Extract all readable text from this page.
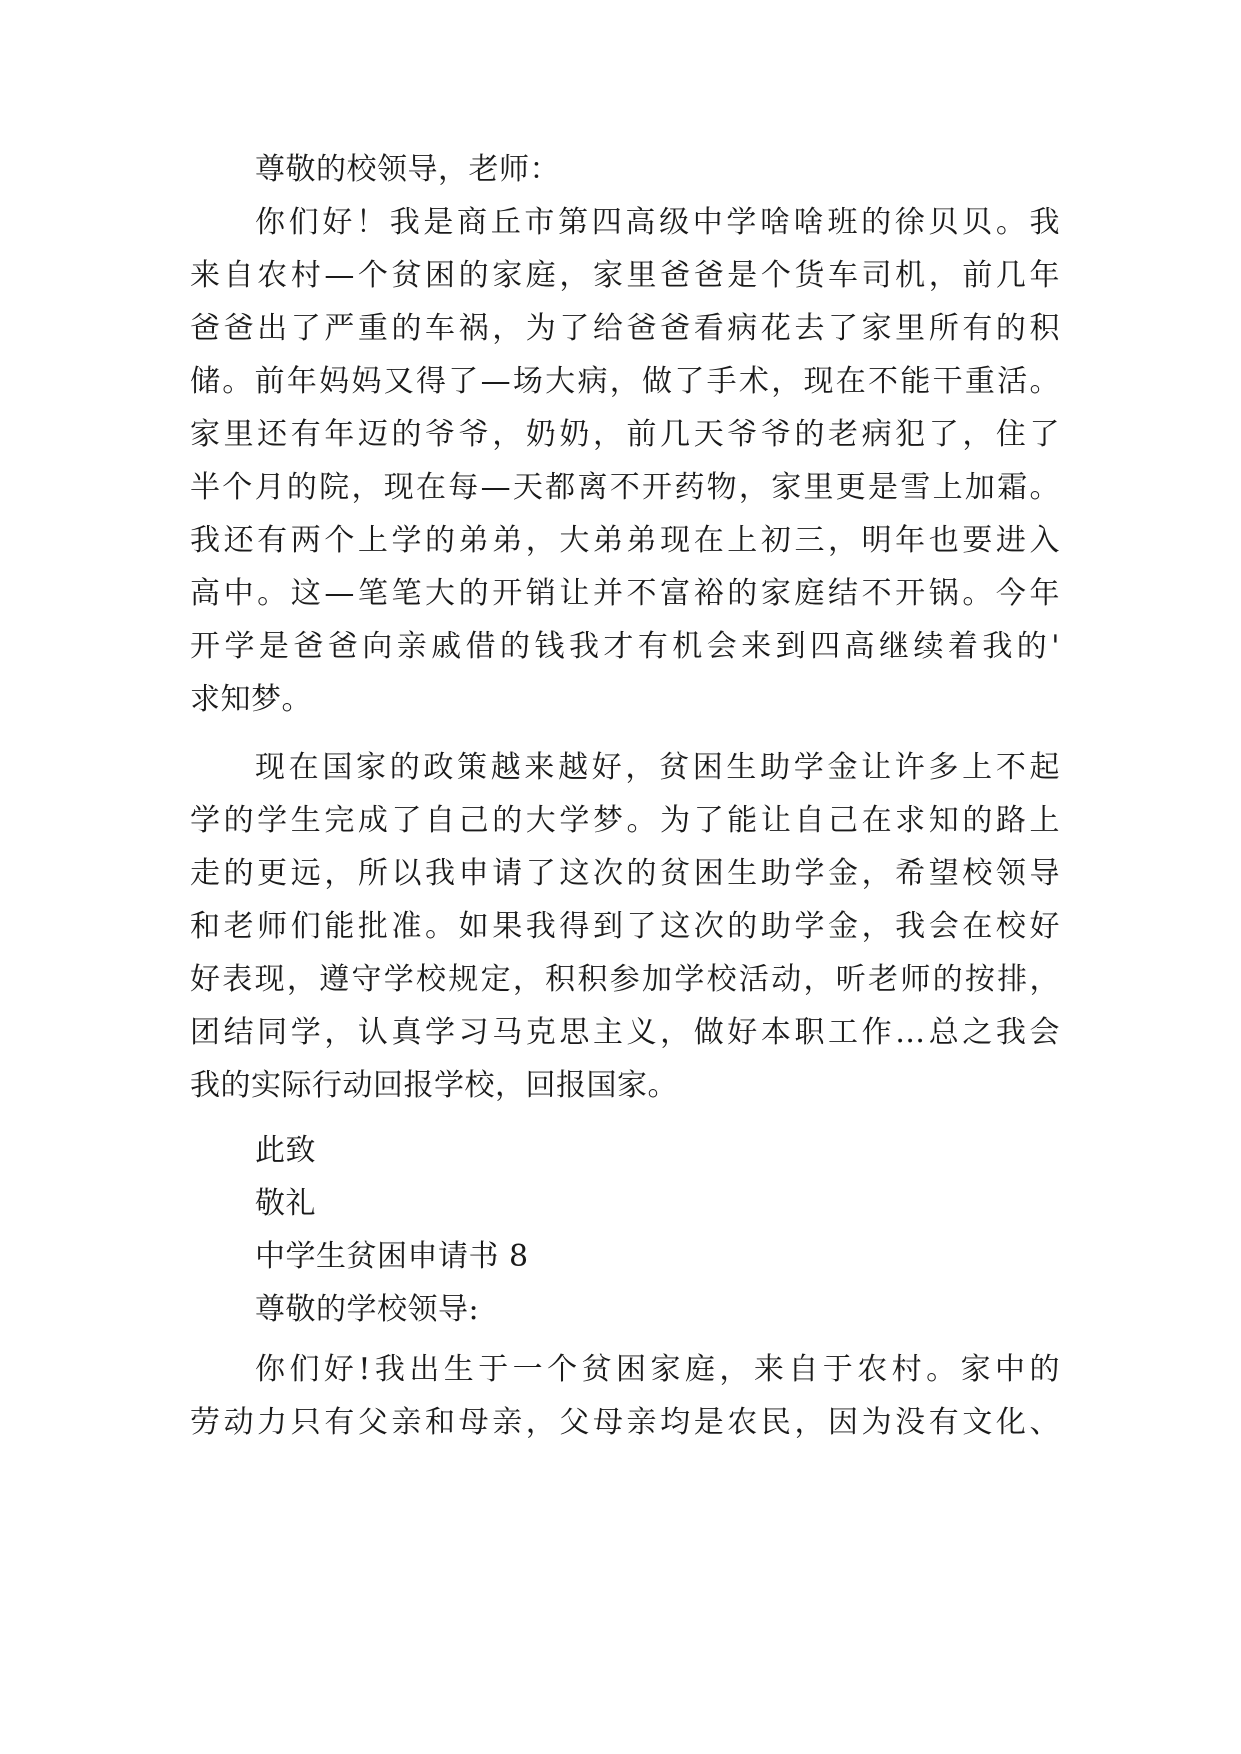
尊敬的校领导，老师：
你们好！我是商丘市第四高级中学啥啥班的徐贝贝。我
来自农村—个贫困的家庭，家里爸爸是个货车司机，前几年
爸爸出了严重的车祸，为了给爸爸看病花去了家里所有的积
储。前年妈妈又得了—场大病，做了手术，现在不能干重活。
家里还有年迈的爷爷，奶奶，前几天爷爷的老病犯了，住了
半个月的院，现在每—天都离不开药物，家里更是雪上加霜。
我还有两个上学的弟弟，大弟弟现在上初三，明年也要进入
高中。这—笔笔大的开销让并不富裕的家庭结不开锅。今年
开学是爸爸向亲戚借的钱我才有机会来到四高继续着我的'
求知梦。
现在国家的政策越来越好，贫困生助学金让许多上不起
学的学生完成了自己的大学梦。为了能让自己在求知的路上
走的更远，所以我申请了这次的贫困生助学金，希望校领导
和老师们能批准。如果我得到了这次的助学金，我会在校好
好表现，遵守学校规定，积积参加学校活动，听老师的按排，
团结同学，认真学习马克思主义，做好本职工作…总之我会
我的实际行动回报学校，回报国家。
此致
敬礼
中学生贫困申请书 8
尊敬的学校领导:
你们好!我出生于一个贫困家庭，来自于农村。家中的
劳动力只有父亲和母亲，父母亲均是农民，因为没有文化、
